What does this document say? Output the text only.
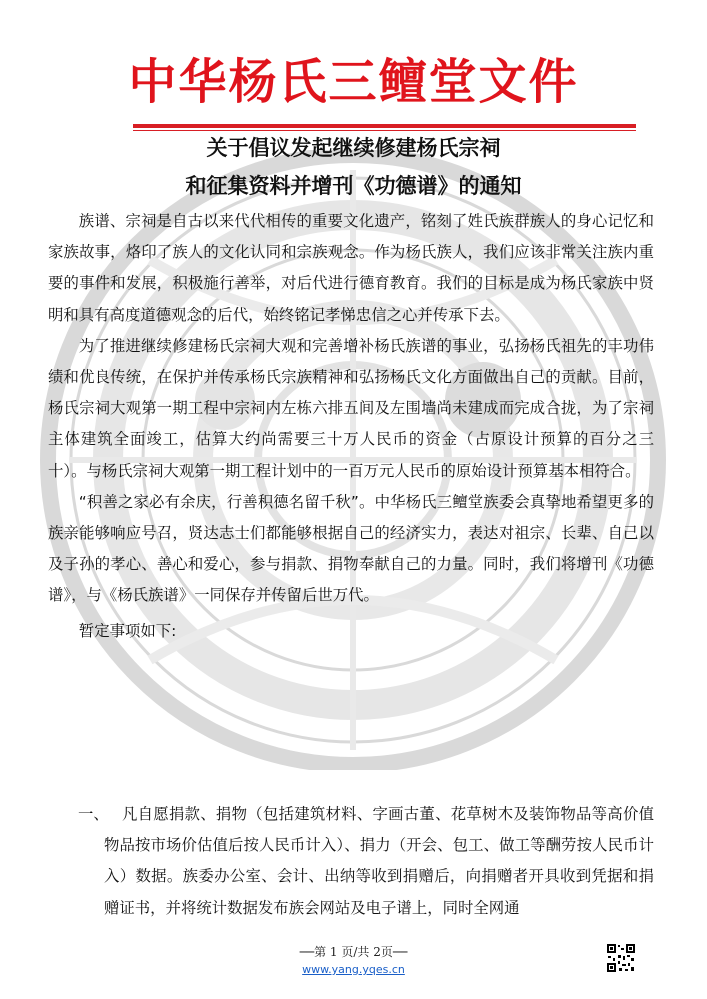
中华杨氏三鳣堂文件
关于倡议发起继续修建杨氏宗祠
和征集资料并增刊《功德谱》的通知

族谱、宗祠是自古以来代代相传的重要文化遗产，铭刻了姓氏族群族人的身心记忆和家族故事，烙印了族人的文化认同和宗族观念。作为杨氏族人，我们应该非常关注族内重要的事件和发展，积极施行善举，对后代进行德育教育。我们的目标是成为杨氏家族中贤明和具有高度道德观念的后代，始终铭记孝悌忠信之心并传承下去。

为了推进继续修建杨氏宗祠大观和完善增补杨氏族谱的事业，弘扬杨氏祖先的丰功伟绩和优良传统，在保护并传承杨氏宗族精神和弘扬杨氏文化方面做出自己的贡献。目前，杨氏宗祠大观第一期工程中宗祠内左栋六排五间及左围墙尚未建成而完成合拢，为了宗祠主体建筑全面竣工，估算大约尚需要三十万人民币的资金（占原设计预算的百分之三十）。与杨氏宗祠大观第一期工程计划中的一百万元人民币的原始设计预算基本相符合。

“积善之家必有余庆，行善积德名留千秋”。中华杨氏三鳣堂族委会真挚地希望更多的族亲能够响应号召，贤达志士们都能够根据自己的经济实力，表达对祖宗、长辈、自己以及子孙的孝心、善心和爱心，参与捐款、捐物奉献自己的力量。同时，我们将增刊《功德谱》，与《杨氏族谱》一同保存并传留后世万代。

暂定事项如下:

一、 凡自愿捐款、捐物（包括建筑材料、字画古董、花草树木及装饰物品等高价值物品按市场价估值后按人民币计入）、捐力（开会、包工、做工等酬劳按人民币计入）数据。族委办公室、会计、出纳等收到捐赠后，向捐赠者开具收到凭据和捐赠证书，并将统计数据发布族会网站及电子谱上，同时全网通
──第 1 页/共 2页──
www.yang.yqes.cn
